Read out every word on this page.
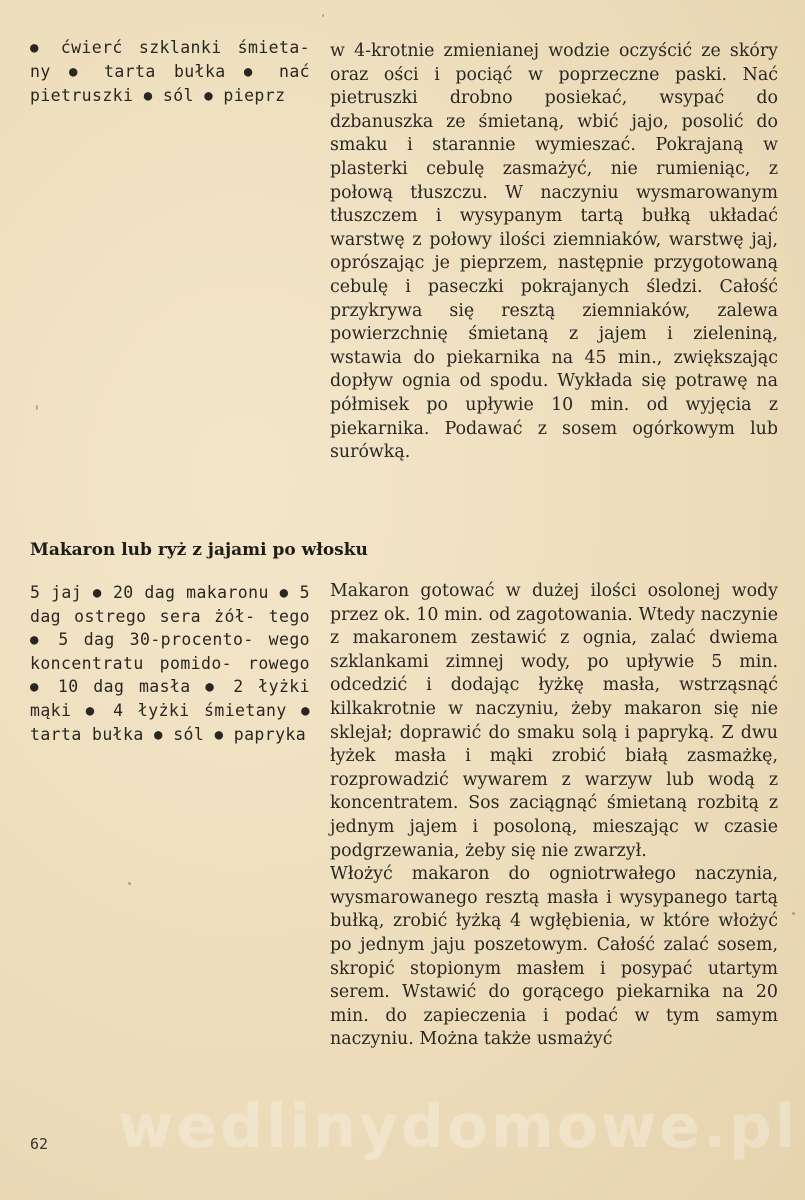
● ćwierć szklanki śmieta- ny ● tarta bułka ● nać pietruszki ● sól ● pieprz

w 4-krotnie zmienianej wodzie oczyścić ze skóry oraz ości i pociąć w poprzeczne paski. Nać pietruszki drobno posiekać, wsypać do dzbanuszka ze śmietaną, wbić jajo, posolić do smaku i starannie wymieszać. Pokrajaną w plasterki cebulę zasmażyć, nie rumieniąc, z połową tłuszczu. W naczyniu wysmarowanym tłuszczem i wysypanym tartą bułką układać warstwę z połowy ilości ziemniaków, warstwę jaj, oprószając je pieprzem, następnie przygotowaną cebulę i paseczki pokrajanych śledzi. Całość przykrywa się resztą ziemniaków, zalewa powierzchnię śmietaną z jajem i zieleniną, wstawia do piekarnika na 45 min., zwiększając dopływ ognia od spodu. Wykłada się potrawę na półmisek po upływie 10 min. od wyjęcia z piekarnika. Podawać z sosem ogórkowym lub surówką.

Makaron lub ryż z jajami po włosku
5 jaj ● 20 dag makaronu ● 5 dag ostrego sera żół- tego ● 5 dag 30-procento- wego koncentratu pomido- rowego ● 10 dag masła ● 2 łyżki mąki ● 4 łyżki śmietany ● tarta bułka ● sól ● papryka

Makaron gotować w dużej ilości osolonej wody przez ok. 10 min. od zagotowania. Wtedy naczynie z makaronem zestawić z ognia, zalać dwiema szklankami zimnej wody, po upływie 5 min. odcedzić i dodając łyżkę masła, wstrząsnąć kilkakrotnie w naczyniu, żeby makaron się nie sklejał; doprawić do smaku solą i papryką. Z dwu łyżek masła i mąki zrobić białą zasmażkę, rozprowadzić wywarem z warzyw lub wodą z koncentratem. Sos zaciągnąć śmietaną rozbitą z jednym jajem i posoloną, mieszając w czasie podgrzewania, żeby się nie zwarzył.

Włożyć makaron do ogniotrwałego naczynia, wysmarowanego resztą masła i wysypanego tartą bułką, zrobić łyżką 4 wgłębienia, w które włożyć po jednym jaju poszetowym. Całość zalać sosem, skropić stopionym masłem i posypać utartym serem. Wstawić do gorącego piekarnika na 20 min. do zapieczenia i podać w tym samym naczyniu. Można także usmażyć

62 wedlinydomowe.pl
